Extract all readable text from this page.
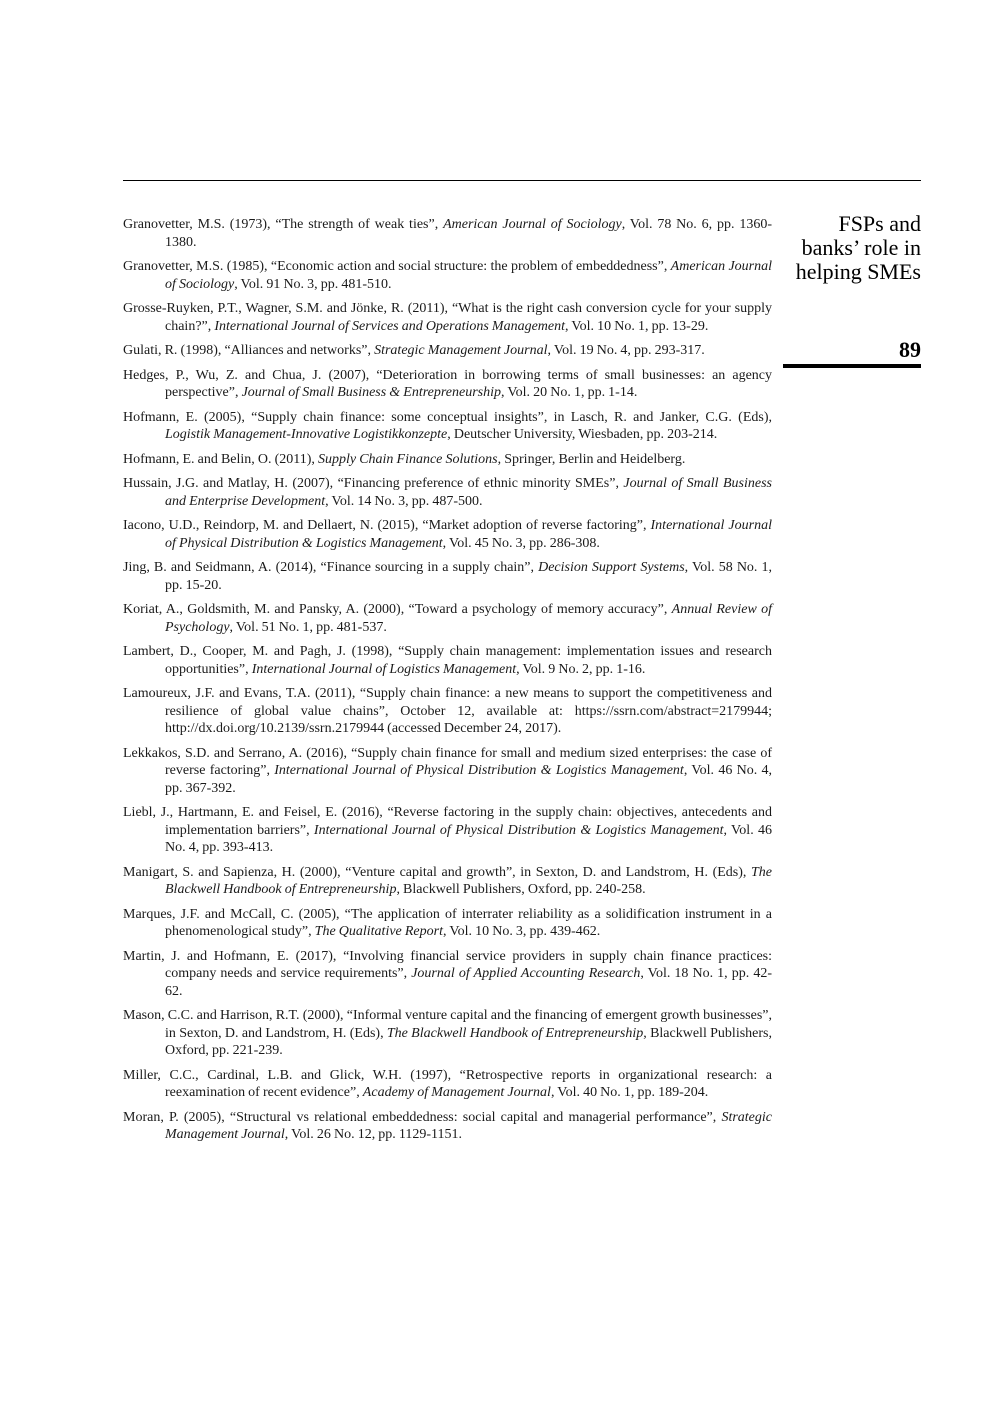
FSPs and
banks’ role in
helping SMEs
89
Granovetter, M.S. (1973), “The strength of weak ties”, American Journal of Sociology, Vol. 78 No. 6, pp. 1360-1380.
Granovetter, M.S. (1985), “Economic action and social structure: the problem of embeddedness”, American Journal of Sociology, Vol. 91 No. 3, pp. 481-510.
Grosse-Ruyken, P.T., Wagner, S.M. and Jönke, R. (2011), “What is the right cash conversion cycle for your supply chain?”, International Journal of Services and Operations Management, Vol. 10 No. 1, pp. 13-29.
Gulati, R. (1998), “Alliances and networks”, Strategic Management Journal, Vol. 19 No. 4, pp. 293-317.
Hedges, P., Wu, Z. and Chua, J. (2007), “Deterioration in borrowing terms of small businesses: an agency perspective”, Journal of Small Business & Entrepreneurship, Vol. 20 No. 1, pp. 1-14.
Hofmann, E. (2005), “Supply chain finance: some conceptual insights”, in Lasch, R. and Janker, C.G. (Eds), Logistik Management-Innovative Logistikkonzepte, Deutscher University, Wiesbaden, pp. 203-214.
Hofmann, E. and Belin, O. (2011), Supply Chain Finance Solutions, Springer, Berlin and Heidelberg.
Hussain, J.G. and Matlay, H. (2007), “Financing preference of ethnic minority SMEs”, Journal of Small Business and Enterprise Development, Vol. 14 No. 3, pp. 487-500.
Iacono, U.D., Reindorp, M. and Dellaert, N. (2015), “Market adoption of reverse factoring”, International Journal of Physical Distribution & Logistics Management, Vol. 45 No. 3, pp. 286-308.
Jing, B. and Seidmann, A. (2014), “Finance sourcing in a supply chain”, Decision Support Systems, Vol. 58 No. 1, pp. 15-20.
Koriat, A., Goldsmith, M. and Pansky, A. (2000), “Toward a psychology of memory accuracy”, Annual Review of Psychology, Vol. 51 No. 1, pp. 481-537.
Lambert, D., Cooper, M. and Pagh, J. (1998), “Supply chain management: implementation issues and research opportunities”, International Journal of Logistics Management, Vol. 9 No. 2, pp. 1-16.
Lamoureux, J.F. and Evans, T.A. (2011), “Supply chain finance: a new means to support the competitiveness and resilience of global value chains”, October 12, available at: https://ssrn.com/abstract=2179944; http://dx.doi.org/10.2139/ssrn.2179944 (accessed December 24, 2017).
Lekkakos, S.D. and Serrano, A. (2016), “Supply chain finance for small and medium sized enterprises: the case of reverse factoring”, International Journal of Physical Distribution & Logistics Management, Vol. 46 No. 4, pp. 367-392.
Liebl, J., Hartmann, E. and Feisel, E. (2016), “Reverse factoring in the supply chain: objectives, antecedents and implementation barriers”, International Journal of Physical Distribution & Logistics Management, Vol. 46 No. 4, pp. 393-413.
Manigart, S. and Sapienza, H. (2000), “Venture capital and growth”, in Sexton, D. and Landstrom, H. (Eds), The Blackwell Handbook of Entrepreneurship, Blackwell Publishers, Oxford, pp. 240-258.
Marques, J.F. and McCall, C. (2005), “The application of interrater reliability as a solidification instrument in a phenomenological study”, The Qualitative Report, Vol. 10 No. 3, pp. 439-462.
Martin, J. and Hofmann, E. (2017), “Involving financial service providers in supply chain finance practices: company needs and service requirements”, Journal of Applied Accounting Research, Vol. 18 No. 1, pp. 42-62.
Mason, C.C. and Harrison, R.T. (2000), “Informal venture capital and the financing of emergent growth businesses”, in Sexton, D. and Landstrom, H. (Eds), The Blackwell Handbook of Entrepreneurship, Blackwell Publishers, Oxford, pp. 221-239.
Miller, C.C., Cardinal, L.B. and Glick, W.H. (1997), “Retrospective reports in organizational research: a reexamination of recent evidence”, Academy of Management Journal, Vol. 40 No. 1, pp. 189-204.
Moran, P. (2005), “Structural vs relational embeddedness: social capital and managerial performance”, Strategic Management Journal, Vol. 26 No. 12, pp. 1129-1151.
